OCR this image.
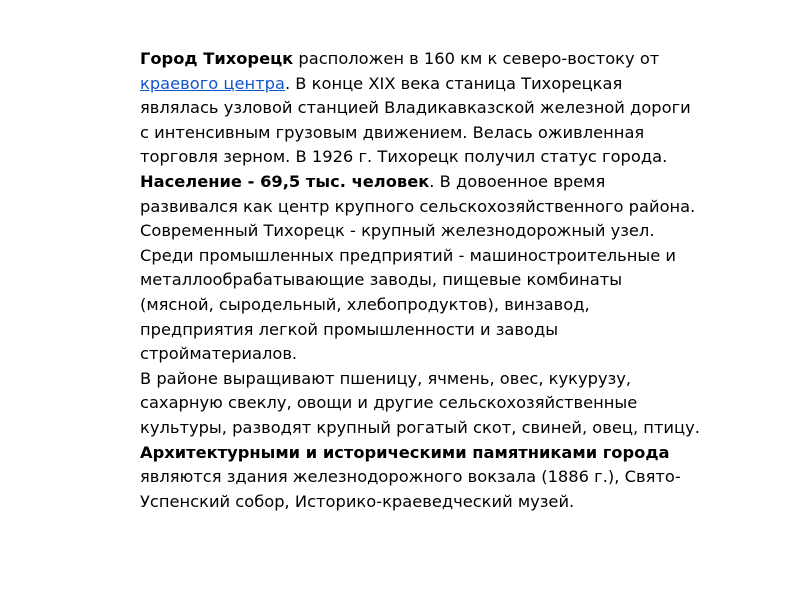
Город Тихорецк расположен в 160 км к северо-востоку от краевого центра. В конце XIX века станица Тихорецкая являлась узловой станцией Владикавказской железной дороги с интенсивным грузовым движением. Велась оживленная торговля зерном. В 1926 г. Тихорецк получил статус города. Население - 69,5 тыс. человек. В довоенное время развивался как центр крупного сельскохозяйственного района.

Современный Тихорецк - крупный железнодорожный узел. Среди промышленных предприятий - машиностроительные и металлообрабатывающие заводы, пищевые комбинаты (мясной, сыродельный, хлебопродуктов), винзавод, предприятия легкой промышленности и заводы стройматериалов.

В районе выращивают пшеницу, ячмень, овес, кукурузу, сахарную свеклу, овощи и другие сельскохозяйственные культуры, разводят крупный рогатый скот, свиней, овец, птицу.

Архитектурными и историческими памятниками города являются здания железнодорожного вокзала (1886 г.), Свято-Успенский собор, Историко-краеведческий музей.
